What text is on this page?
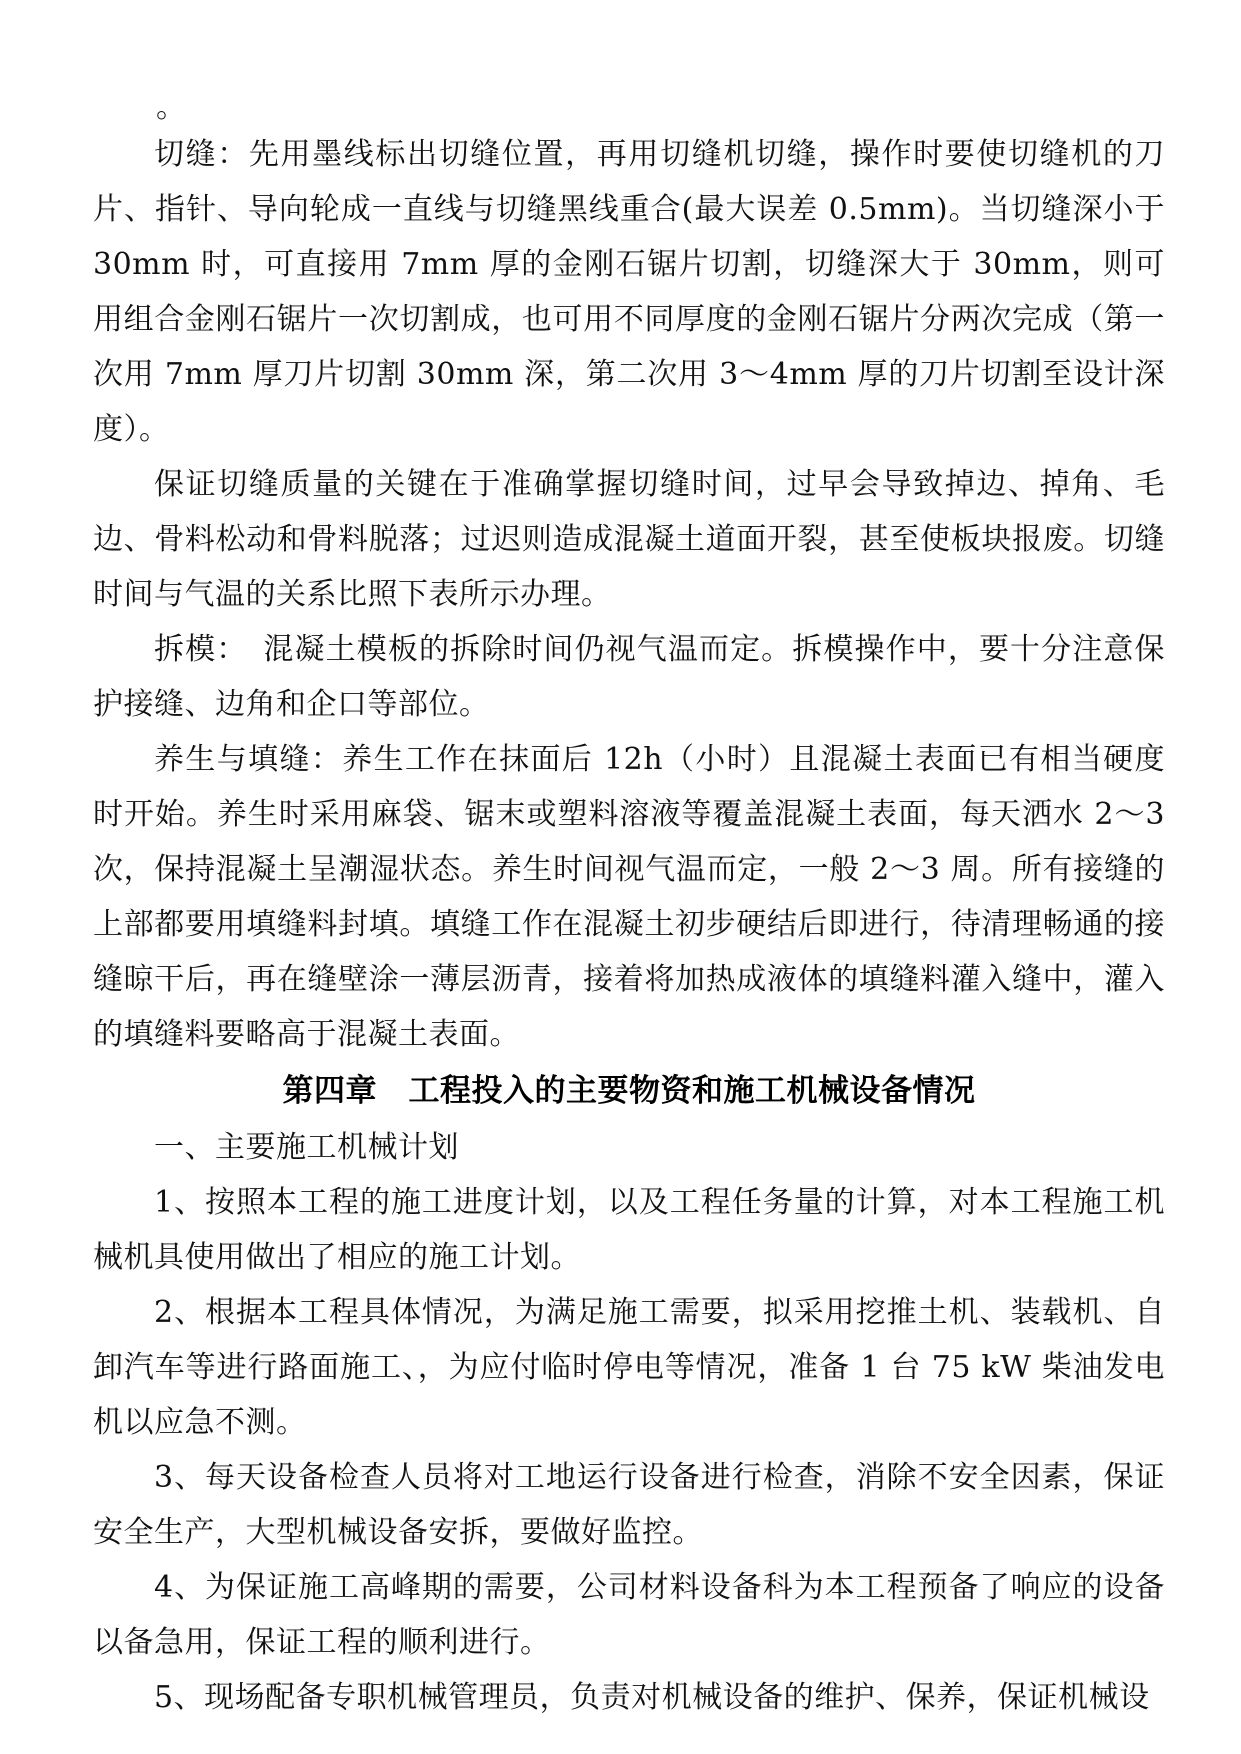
。

切缝：先用墨线标出切缝位置，再用切缝机切缝，操作时要使切缝机的刀片、指针、导向轮成一直线与切缝黑线重合(最大误差 0.5mm)。当切缝深小于 30mm 时，可直接用 7mm 厚的金刚石锯片切割，切缝深大于 30mm，则可用组合金刚石锯片一次切割成，也可用不同厚度的金刚石锯片分两次完成（第一次用 7mm 厚刀片切割 30mm 深，第二次用 3～4mm 厚的刀片切割至设计深度）。

保证切缝质量的关键在于准确掌握切缝时间，过早会导致掉边、掉角、毛边、骨料松动和骨料脱落；过迟则造成混凝土道面开裂，甚至使板块报废。切缝时间与气温的关系比照下表所示办理。

拆模：　混凝土模板的拆除时间仍视气温而定。拆模操作中，要十分注意保护接缝、边角和企口等部位。

养生与填缝：养生工作在抹面后 12h（小时）且混凝土表面已有相当硬度时开始。养生时采用麻袋、锯末或塑料溶液等覆盖混凝土表面，每天洒水 2～3 次，保持混凝土呈潮湿状态。养生时间视气温而定，一般 2～3 周。所有接缝的上部都要用填缝料封填。填缝工作在混凝土初步硬结后即进行，待清理畅通的接缝晾干后，再在缝壁涂一薄层沥青，接着将加热成液体的填缝料灌入缝中，灌入的填缝料要略高于混凝土表面。

第四章　工程投入的主要物资和施工机械设备情况

一、主要施工机械计划

1、按照本工程的施工进度计划，以及工程任务量的计算，对本工程施工机械机具使用做出了相应的施工计划。

2、根据本工程具体情况，为满足施工需要，拟采用挖推土机、装载机、自卸汽车等进行路面施工、，为应付临时停电等情况，准备 1 台 75 kW 柴油发电机以应急不测。

3、每天设备检查人员将对工地运行设备进行检查，消除不安全因素，保证安全生产，大型机械设备安拆，要做好监控。

4、为保证施工高峰期的需要，公司材料设备科为本工程预备了响应的设备以备急用，保证工程的顺利进行。

5、现场配备专职机械管理员，负责对机械设备的维护、保养，保证机械设
